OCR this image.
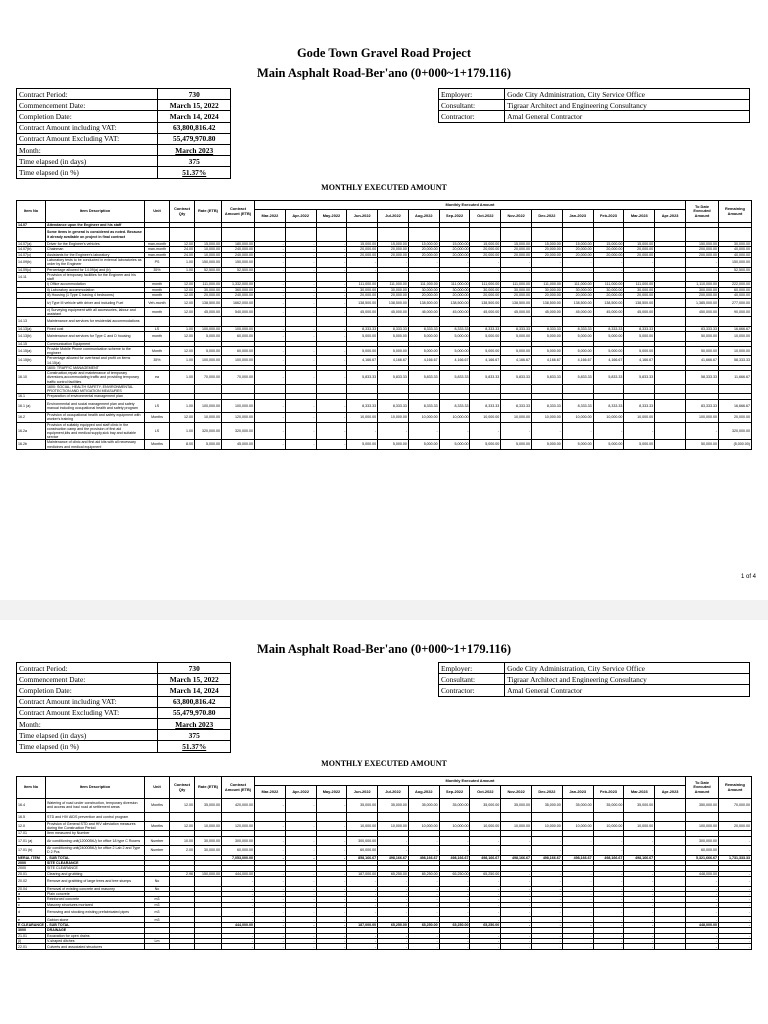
Gode Town Gravel Road Project
Main Asphalt Road-Ber'ano (0+000~1+179.116)
Contract Period:	730
Commencement Date:	March 15, 2022
Completion Date:	March 14, 2024
Contract Amount including VAT:	63,800,816.42
Contract Amount Excluding VAT:	55,479,970.80
Month:	March 2023
Time elapsed (in days)	375
Time elapsed (in %)	51.37%
Employer:	Gode City Administration, City Service Office
Consultant:	Tigraar Architect and Engineering Consultancy
Contractor:	Amal General Contractor
MONTHLY EXECUTED AMOUNT
Item No	Item Description	Unit	Contract Qty	Rate (ETB)	Contract Amount (ETB)	Monthly Executed Amount														To Date Executed Amount	Remaining Amount
						Mar-2022	Apr-2022	May-2022	Jun-2022	Jul-2022	Aug-2022	Sep-2022	Oct-2022	Nov-2022	Dec-2022	Jan-2023	Feb-2023	Mar-2023	Apr-2023		
14.07	Attendance upon the Engineer and his staff																				
	Some items in general is considered as noted. Because it already available on project in final contract																				
14.07(a)	Driver for the Engineer's vehicles	man-month	12.00	15,000.00	180,000.00	-	-	-	15,000.00	15,000.00	15,000.00	15,000.00	15,000.00	15,000.00	15,000.00	15,000.00	15,000.00	15,000.00		150,000.00	30,000.00
14.07(b)	Chainman	man-month	24.00	10,000.00	240,000.00	-	-	-	20,000.00	20,000.00	20,000.00	20,000.00	20,000.00	20,000.00	20,000.00	20,000.00	20,000.00	20,000.00		200,000.00	40,000.00
14.07(c)	Assistants for the Engineer's laboratory	man-month	24.00	10,000.00	240,000.00	-	-	-	20,000.00	20,000.00	20,000.00	20,000.00	20,000.00	20,000.00	20,000.00	20,000.00	20,000.00	20,000.00		200,000.00	40,000.00
14.09(b)	Laboratory tests to be conducted in external laboratories as order by the Engineer	PS	1.00	150,000.00	150,000.00	-	-	-	-	-	-	-	-	-	-	-	-	-		-	150,000.00
14.09(c)	Percentage allowed for 14.09(a) and (b)	35%	1.00	52,500.00	52,500.00	-	-	-	-	-	-	-	-	-	-	-	-	-		-	52,500.00
14.11	Provision of temporary facilities for the Engineer and his staff																				
	i) Office accommodation	month	12.00	111,000.00	1,332,000.00	-	-	-	111,000.00	111,000.00	111,000.00	111,000.00	111,000.00	111,000.00	111,000.00	111,000.00	111,000.00	111,000.00		1,110,000.00	222,000.00
	ii) Laboratory accommodation	month	12.00	30,000.00	360,000.00	-	-	-	30,000.00	30,000.00	30,000.00	30,000.00	30,000.00	30,000.00	30,000.00	30,000.00	30,000.00	30,000.00		300,000.00	60,000.00
	iii) Housing (1 Type C having 4 bedrooms)	month	12.00	20,000.00	240,000.00	-	-	-	20,000.00	20,000.00	20,000.00	20,000.00	20,000.00	20,000.00	20,000.00	20,000.00	20,000.00	20,000.00		200,000.00	40,000.00
	iv) Type III vehicle with driver and including Fuel	Veh-month	12.00	138,500.00	1662,000.00	-	-	-	138,500.00	138,500.00	138,500.00	138,500.00	138,500.00	138,500.00	138,500.00	138,500.00	138,500.00	138,500.00		1,385,000.00	277,000.00
	v) Surveying equipment with all accessories, labour and assistant	month	12.00	45,000.00	540,000.00	-	-	-	45,000.00	45,000.00	45,000.00	45,000.00	45,000.00	45,000.00	45,000.00	45,000.00	45,000.00	45,000.00		450,000.00	90,000.00
14.13	Maintenance and services for residential accommodations																				
14.13(a)	Fixed cost	LS	1.00	100,000.00	100,000.00	-	-	-	8,333.33	8,333.33	8,333.33	8,333.33	8,333.33	8,333.33	8,333.33	8,333.33	8,333.33	8,333.33		83,333.33	16,666.67
14.13(b)	Maintenance and services for Type C and D housing	month	12.00	5,000.00	60,000.00	-	-	-	5,000.00	5,000.00	5,000.00	5,000.00	5,000.00	5,000.00	5,000.00	5,000.00	5,000.00	5,000.00		50,000.00	10,000.00
14.15	Communication Equipment																				
14.15(a)	Provide Mobile Phone communication scheme to the engineer	Month	12.00	5,000.00	60,000.00	-	-	-	5,000.00	5,000.00	5,000.00	5,000.00	5,000.00	5,000.00	5,000.00	5,000.00	5,000.00	5,000.00		50,000.00	10,000.00
14.15(b)	Percentage allowed for overhead and profit on items 14.15(a)	35%	1.00	100,000.00	100,000.00	-	-	-	4,166.67	4,166.67	4,166.67	4,166.67	4,166.67	4,166.67	4,166.67	4,166.67	4,166.67	4,166.67		41,666.67	58,333.33
	1600: TRAFFIC MANAGEMENT																				
16.10	Construction,repair and maintenance of temporary diversions,accommodating traffic and providing temporary traffic control facilities	ea	1.00	70,000.00	70,000.00	-	-	-	5,833.33	5,833.33	5,833.33	5,833.33	5,833.33	5,833.33	5,833.33	5,833.33	5,833.33	5,833.33		58,333.33	11,666.67
	1600: SOCIAL, HEALTH SAFETY, ENVIRONMENTAL PROTECTION AND MITIGATION MEASURES																				
16.1	Preparation of environmental management plan																				
16.1 (a)	Environmental and social management plan and safety manual including occupational health and safety program	LS	1.00	100,000.00	100,000.00	-	-	-	8,333.33	8,333.33	8,333.33	8,333.33	8,333.33	8,333.33	8,333.33	8,333.33	8,333.33	8,333.33		83,333.33	16,666.67
16.2	Provision of occupational health and safety equipment with worker's training	Months	12.00	10,000.00	120,000.00	-	-	-	10,000.00	10,000.00	10,000.00	10,000.00	10,000.00	10,000.00	10,000.00	10,000.00	10,000.00	10,000.00		100,000.00	20,000.00
16.2a	Provision of suitably equipped and staff clinic in the construction camp and the provision of first aid equipment,kits and medical supply,sick bay and suitable service	LS	1.00	320,000.00	320,000.00	-	-	-	-	-	-	-	-	-	-	-	-	-		-	320,000.00
16.2b	Maintenance of clinic and first aid kits with all necessary medicines and medical equipment	Months	8.00	5,000.00	45,000.00	-	-	-	5,000.00	5,000.00	5,000.00	5,000.00	5,000.00	5,000.00	5,000.00	5,000.00	5,000.00	5,000.00		50,000.00	(5,000.00)
1 of 4
Main Asphalt Road-Ber'ano (0+000~1+179.116)
Contract Period:	730
Commencement Date:	March 15, 2022
Completion Date:	March 14, 2024
Contract Amount including VAT:	63,800,816.42
Contract Amount Excluding VAT:	55,479,970.80
Month:	March 2023
Time elapsed (in days)	375
Time elapsed (in %)	51.37%
Employer:	Gode City Administration, City Service Office
Consultant:	Tigraar Architect and Engineering Consultancy
Contractor:	Amal General Contractor
MONTHLY EXECUTED AMOUNT
Item No	Item Description	Unit	Contract Qty	Rate (ETB)	Contract Amount (ETB)	Monthly Executed Amount														To Date Executed Amount	Remaining Amount
						Mar-2022	Apr-2022	May-2022	Jun-2022	Jul-2022	Aug-2022	Sep-2022	Oct-2022	Nov-2022	Dec-2022	Jan-2023	Feb-2023	Mar-2023	Apr-2023		
16.4	Watering of road under construction, temporary diversion and access and haul road at settlement areas	Months	12.00	35,000.00	420,000.00	-	-	-	35,000.00	35,000.00	35,000.00	35,000.00	35,000.00	35,000.00	35,000.00	35,000.00	35,000.00	35,000.00		350,000.00	70,000.00
16.5	STD and HIV AIDS prevention and control program																				
12.0	Provision of General STD and HIV alleviation measures during the Construction Period	Months	12.00	10,000.00	120,000.00	-	-	-	10,000.00	10,000.00	10,000.00	10,000.00	10,000.00	10,000.00	10,000.00	10,000.00	10,000.00	10,000.00		100,000.00	20,000.00
17.01	Item measured by Number																				
17.01 (a)	Air conditioning unit(12000BtU) for office 18 type C Rooms	Number	10.00	30,000.00	300,000.00	-	-	-	300,000.00	-	-	-	-	-	-	-	-	-		300,000.00	-
17.01 (b)	Air conditioning unit(24000BtU) for office 2 Lab 2 and Type D 2 Pcs	Number	2.00	30,000.00	60,000.00	-	-	-	60,000.00	-	-	-	-	-	-	-	-	-		60,000.00	-
NERAL ITEM	- SUB TOTAL				7,053,000.00	-	-	-	858,166.67	498,166.67	498,166.67	498,166.67	498,166.67	498,166.67	498,166.67	498,166.67	498,166.67	498,166.67		5,321,666.67	1,731,333.33
2000	SITE CLEARANCE																				
2000	SITE CLEARANCE																				
20.01	Clearing and grubbing		2.96	150,000.00	444,000.00	-	-	-	187,000.00	65,250.00	65,250.00	65,250.00	65,250.00	-	-	-	-	-		448,000.00	-
20.02	Remove and grabbing of large trees and tree stumps	No			-	-	-	-	-	-	-	-	-	-	-	-	-	-		-	-
20.04	Removal of existing concrete and masonry	No			-	-	-	-	-	-	-	-	-	-	-	-	-	-		-	-
a	Plain concrete				-	-	-	-	-	-	-	-	-	-	-	-	-	-		-	-
b	Reinforced concrete	m3			-	-	-	-	-	-	-	-	-	-	-	-	-	-		-	-
c	Masonry structures mortared	m3			-	-	-	-	-	-	-	-	-	-	-	-	-	-		-	-
d	Removing and stocking existing prefabricated pipes	m3			-	-	-	-	-	-	-	-	-	-	-	-	-	-		-	-
e	Gabion stone	m3			-	-	-	-	-	-	-	-	-	-	-	-	-	-		-	-
E CLEARANCE	- SUB TOTAL				444,000.00	-	-	-	187,000.00	65,250.00	65,250.00	65,250.00	65,250.00	-	-	-	-	-		448,000.00	-
3000	DRAINAGE																				
21.01	Excavation for open drains				-	-	-	-	-	-	-	-	-	-	-	-	-	-		-	-
(i)	V-shaped ditches	Lm			-	-	-	-	-	-	-	-	-	-	-	-	-	-		-	-
22.01	Culverts and associated structures				-	-	-	-	-	-	-	-	-	-	-	-	-	-		-	-
